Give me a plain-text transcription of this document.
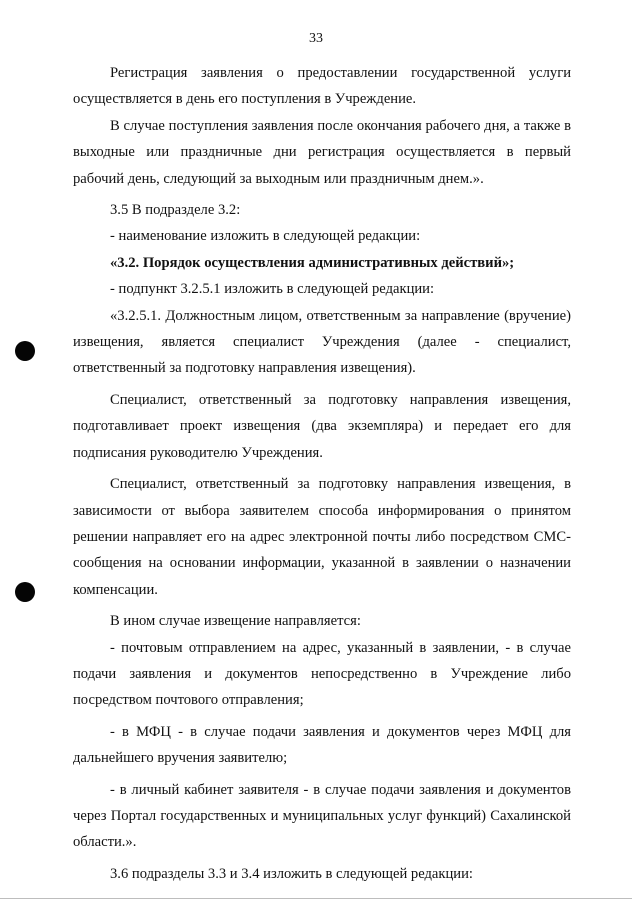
33

Регистрация заявления о предоставлении государственной услуги осуществляется в день его поступления в Учреждение.

В случае поступления заявления после окончания рабочего дня, а также в выходные или праздничные дни регистрация осуществляется в первый рабочий день, следующий за выходным или праздничным днем.».

3.5 В подразделе 3.2:

- наименование изложить в следующей редакции:

«3.2. Порядок осуществления административных действий»;

- подпункт 3.2.5.1 изложить в следующей редакции:

«3.2.5.1. Должностным лицом, ответственным за направление (вручение) извещения, является специалист Учреждения (далее - специалист, ответственный за подготовку направления извещения).

Специалист, ответственный за подготовку направления извещения, подготавливает проект извещения (два экземпляра) и передает его для подписания руководителю Учреждения.

Специалист, ответственный за подготовку направления извещения, в зависимости от выбора заявителем способа информирования о принятом решении направляет его на адрес электронной почты либо посредством СМС-сообщения на основании информации, указанной в заявлении о назначении компенсации.

В ином случае извещение направляется:

- почтовым отправлением на адрес, указанный в заявлении, - в случае подачи заявления и документов непосредственно в Учреждение либо посредством почтового отправления;

- в МФЦ - в случае подачи заявления и документов через МФЦ для дальнейшего вручения заявителю;

- в личный кабинет заявителя - в случае подачи заявления и документов через Портал государственных и муниципальных услуг функций) Сахалинской области.».

3.6 подразделы 3.3 и 3.4 изложить в следующей редакции:
